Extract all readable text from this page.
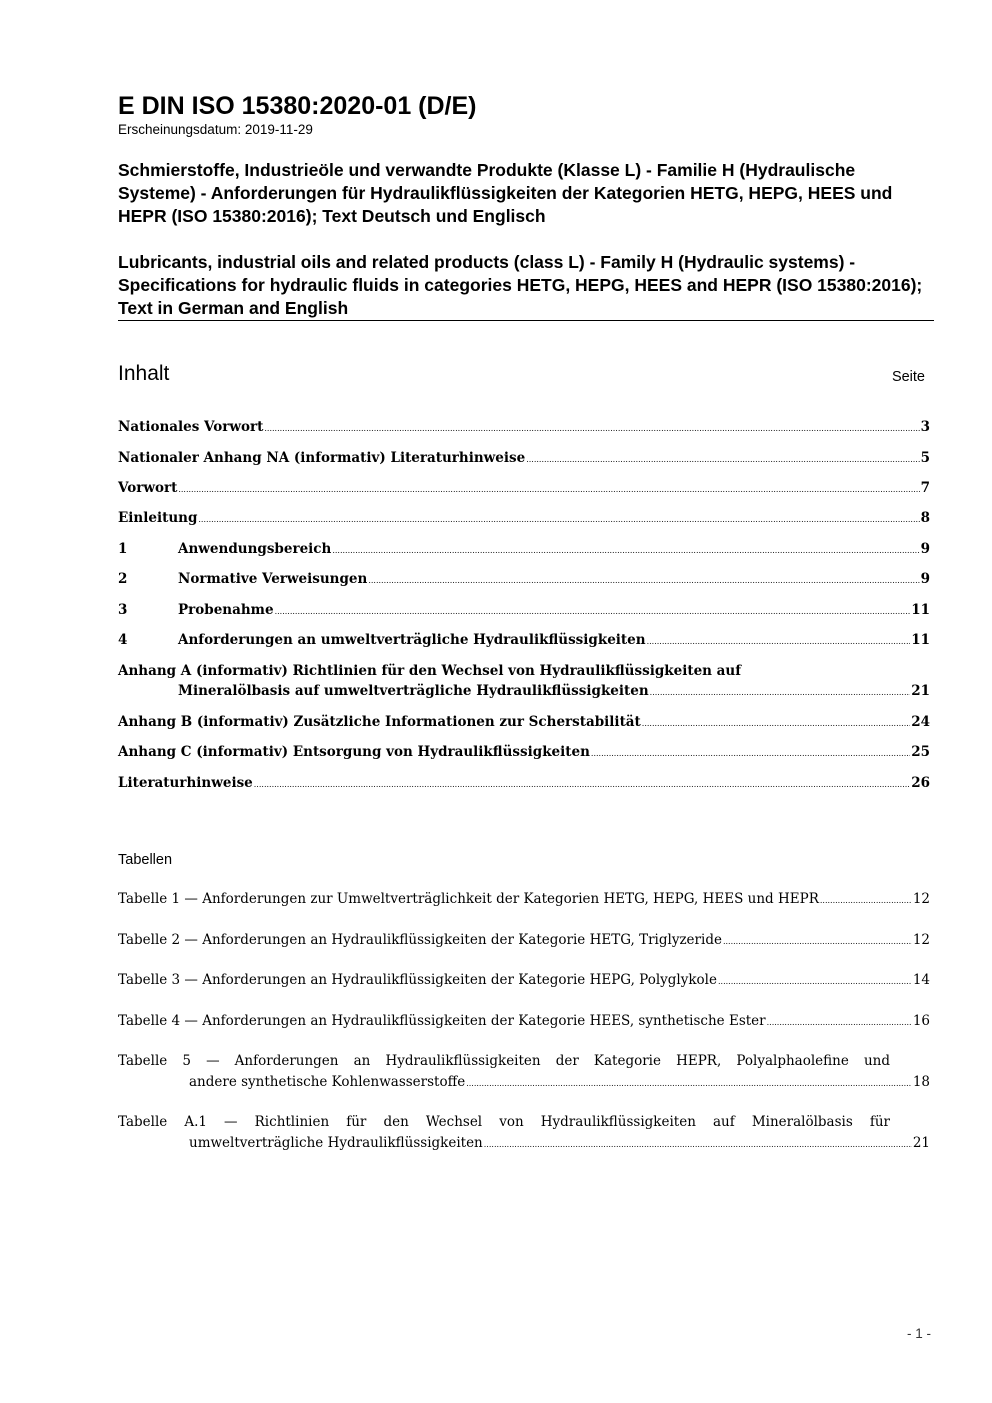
E DIN ISO 15380:2020-01 (D/E)
Erscheinungsdatum: 2019-11-29
Schmierstoffe, Industrieöle und verwandte Produkte (Klasse L) - Familie H (Hydraulische Systeme) - Anforderungen für Hydraulikflüssigkeiten der Kategorien HETG, HEPG, HEES und HEPR (ISO 15380:2016); Text Deutsch und Englisch
Lubricants, industrial oils and related products (class L) - Family H (Hydraulic systems) - Specifications for hydraulic fluids in categories HETG, HEPG, HEES and HEPR (ISO 15380:2016); Text in German and English
Inhalt	Seite
Nationales Vorwort .....	3
Nationaler Anhang NA (informativ) Literaturhinweise .....	5
Vorwort .....	7
Einleitung .....	8
1	Anwendungsbereich .....	9
2	Normative Verweisungen .....	9
3	Probenahme .....	11
4	Anforderungen an umweltverträgliche Hydraulikflüssigkeiten .....	11
Anhang A (informativ) Richtlinien für den Wechsel von Hydraulikflüssigkeiten auf
Mineralölbasis auf umweltverträgliche Hydraulikflüssigkeiten .....	21
Anhang B (informativ) Zusätzliche Informationen zur Scherstabilität .....	24
Anhang C (informativ) Entsorgung von Hydraulikflüssigkeiten .....	25
Literaturhinweise .....	26
Tabellen
Tabelle 1 — Anforderungen zur Umweltverträglichkeit der Kategorien HETG, HEPG, HEES und HEPR .....	12
Tabelle 2 — Anforderungen an Hydraulikflüssigkeiten der Kategorie HETG, Triglyzeride .....	12
Tabelle 3 — Anforderungen an Hydraulikflüssigkeiten der Kategorie HEPG, Polyglykole .....	14
Tabelle 4 — Anforderungen an Hydraulikflüssigkeiten der Kategorie HEES, synthetische Ester .....	16
Tabelle 5 — Anforderungen an Hydraulikflüssigkeiten der Kategorie HEPR, Polyalphaolefine und
andere synthetische Kohlenwasserstoffe .....	18
Tabelle A.1 — Richtlinien für den Wechsel von Hydraulikflüssigkeiten auf Mineralölbasis für
umweltverträgliche Hydraulikflüssigkeiten .....	21
- 1 -
